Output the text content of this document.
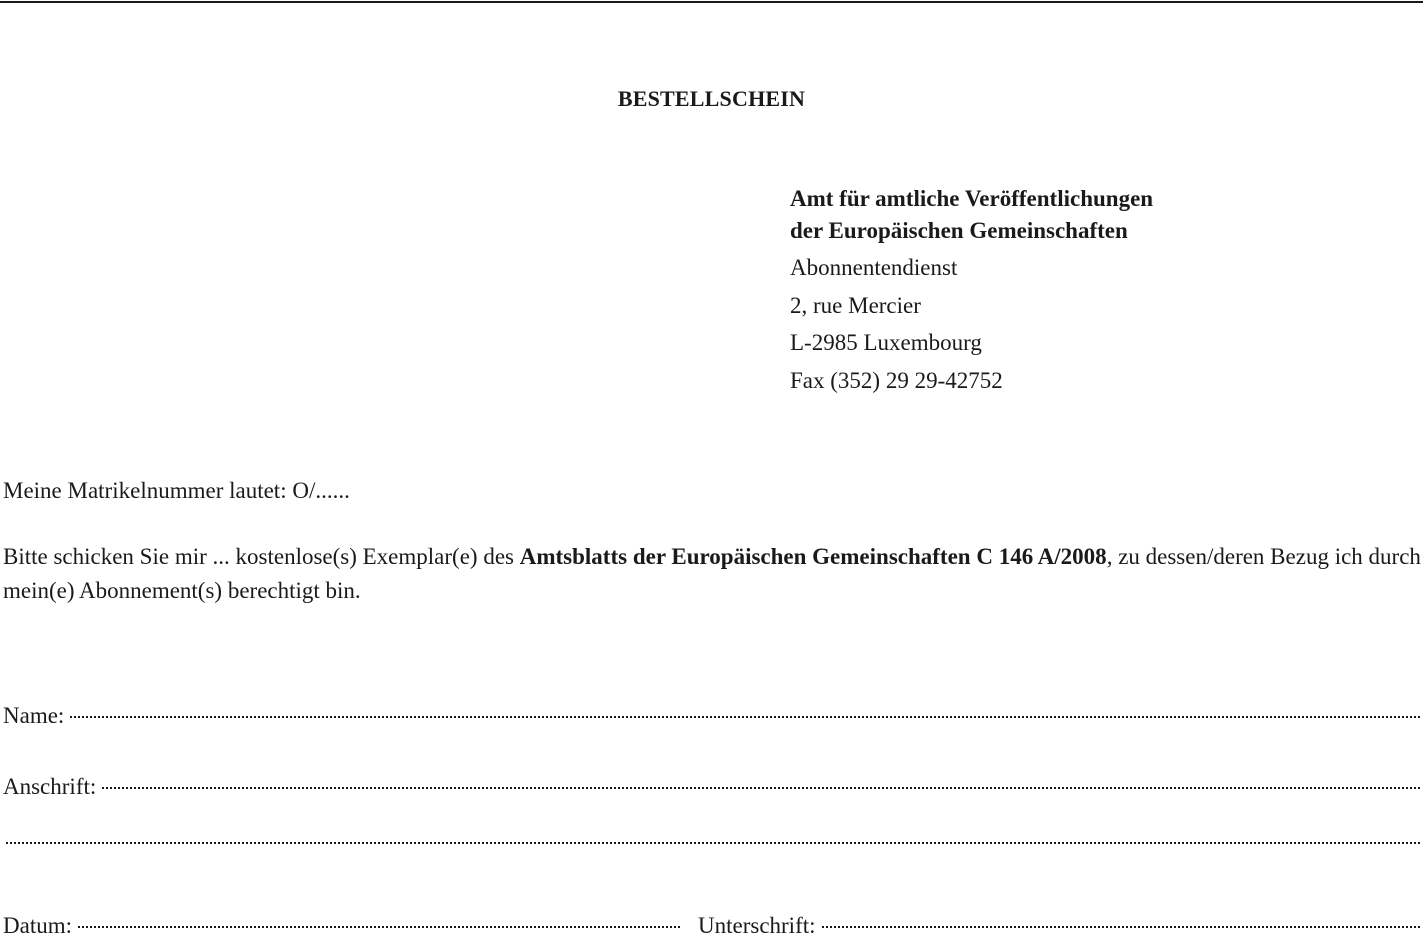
BESTELLSCHEIN
Amt für amtliche Veröffentlichungen
der Europäischen Gemeinschaften
Abonnentendienst
2, rue Mercier
L-2985 Luxembourg
Fax (352) 29 29-42752
Meine Matrikelnummer lautet: O/......
Bitte schicken Sie mir ... kostenlose(s) Exemplar(e) des Amtsblatts der Europäischen Gemeinschaften C 146 A/2008, zu dessen/deren Bezug ich durch mein(e) Abonnement(s) berechtigt bin.
Name:
Anschrift:
Datum:	Unterschrift:
